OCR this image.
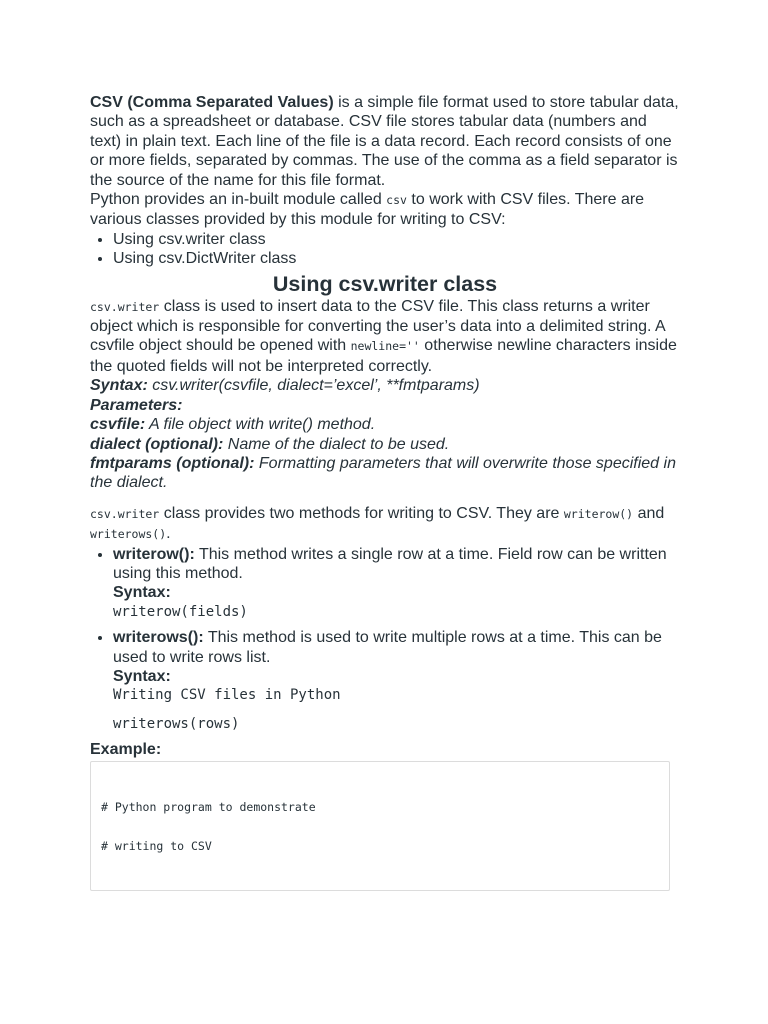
CSV (Comma Separated Values) is a simple file format used to store tabular data, such as a spreadsheet or database. CSV file stores tabular data (numbers and text) in plain text. Each line of the file is a data record. Each record consists of one or more fields, separated by commas. The use of the comma as a field separator is the source of the name for this file format.

Python provides an in-built module called csv to work with CSV files. There are various classes provided by this module for writing to CSV:

• Using csv.writer class
• Using csv.DictWriter class
Using csv.writer class

csv.writer class is used to insert data to the CSV file. This class returns a writer object which is responsible for converting the user’s data into a delimited string. A csvfile object should be opened with newline='' otherwise newline characters inside the quoted fields will not be interpreted correctly.

Syntax: csv.writer(csvfile, dialect=’excel’, **fmtparams)

Parameters:

csvfile: A file object with write() method.

dialect (optional): Name of the dialect to be used.

fmtparams (optional): Formatting parameters that will overwrite those specified in the dialect.

csv.writer class provides two methods for writing to CSV. They are writerow() and writerows().

• writerow(): This method writes a single row at a time. Field row can be written using this method.
Syntax:
writerow(fields)
• writerows(): This method is used to write multiple rows at a time. This can be used to write rows list.
Syntax:
Writing CSV files in Python
writerows(rows)

Example:

# Python program to demonstrate
# writing to CSV
